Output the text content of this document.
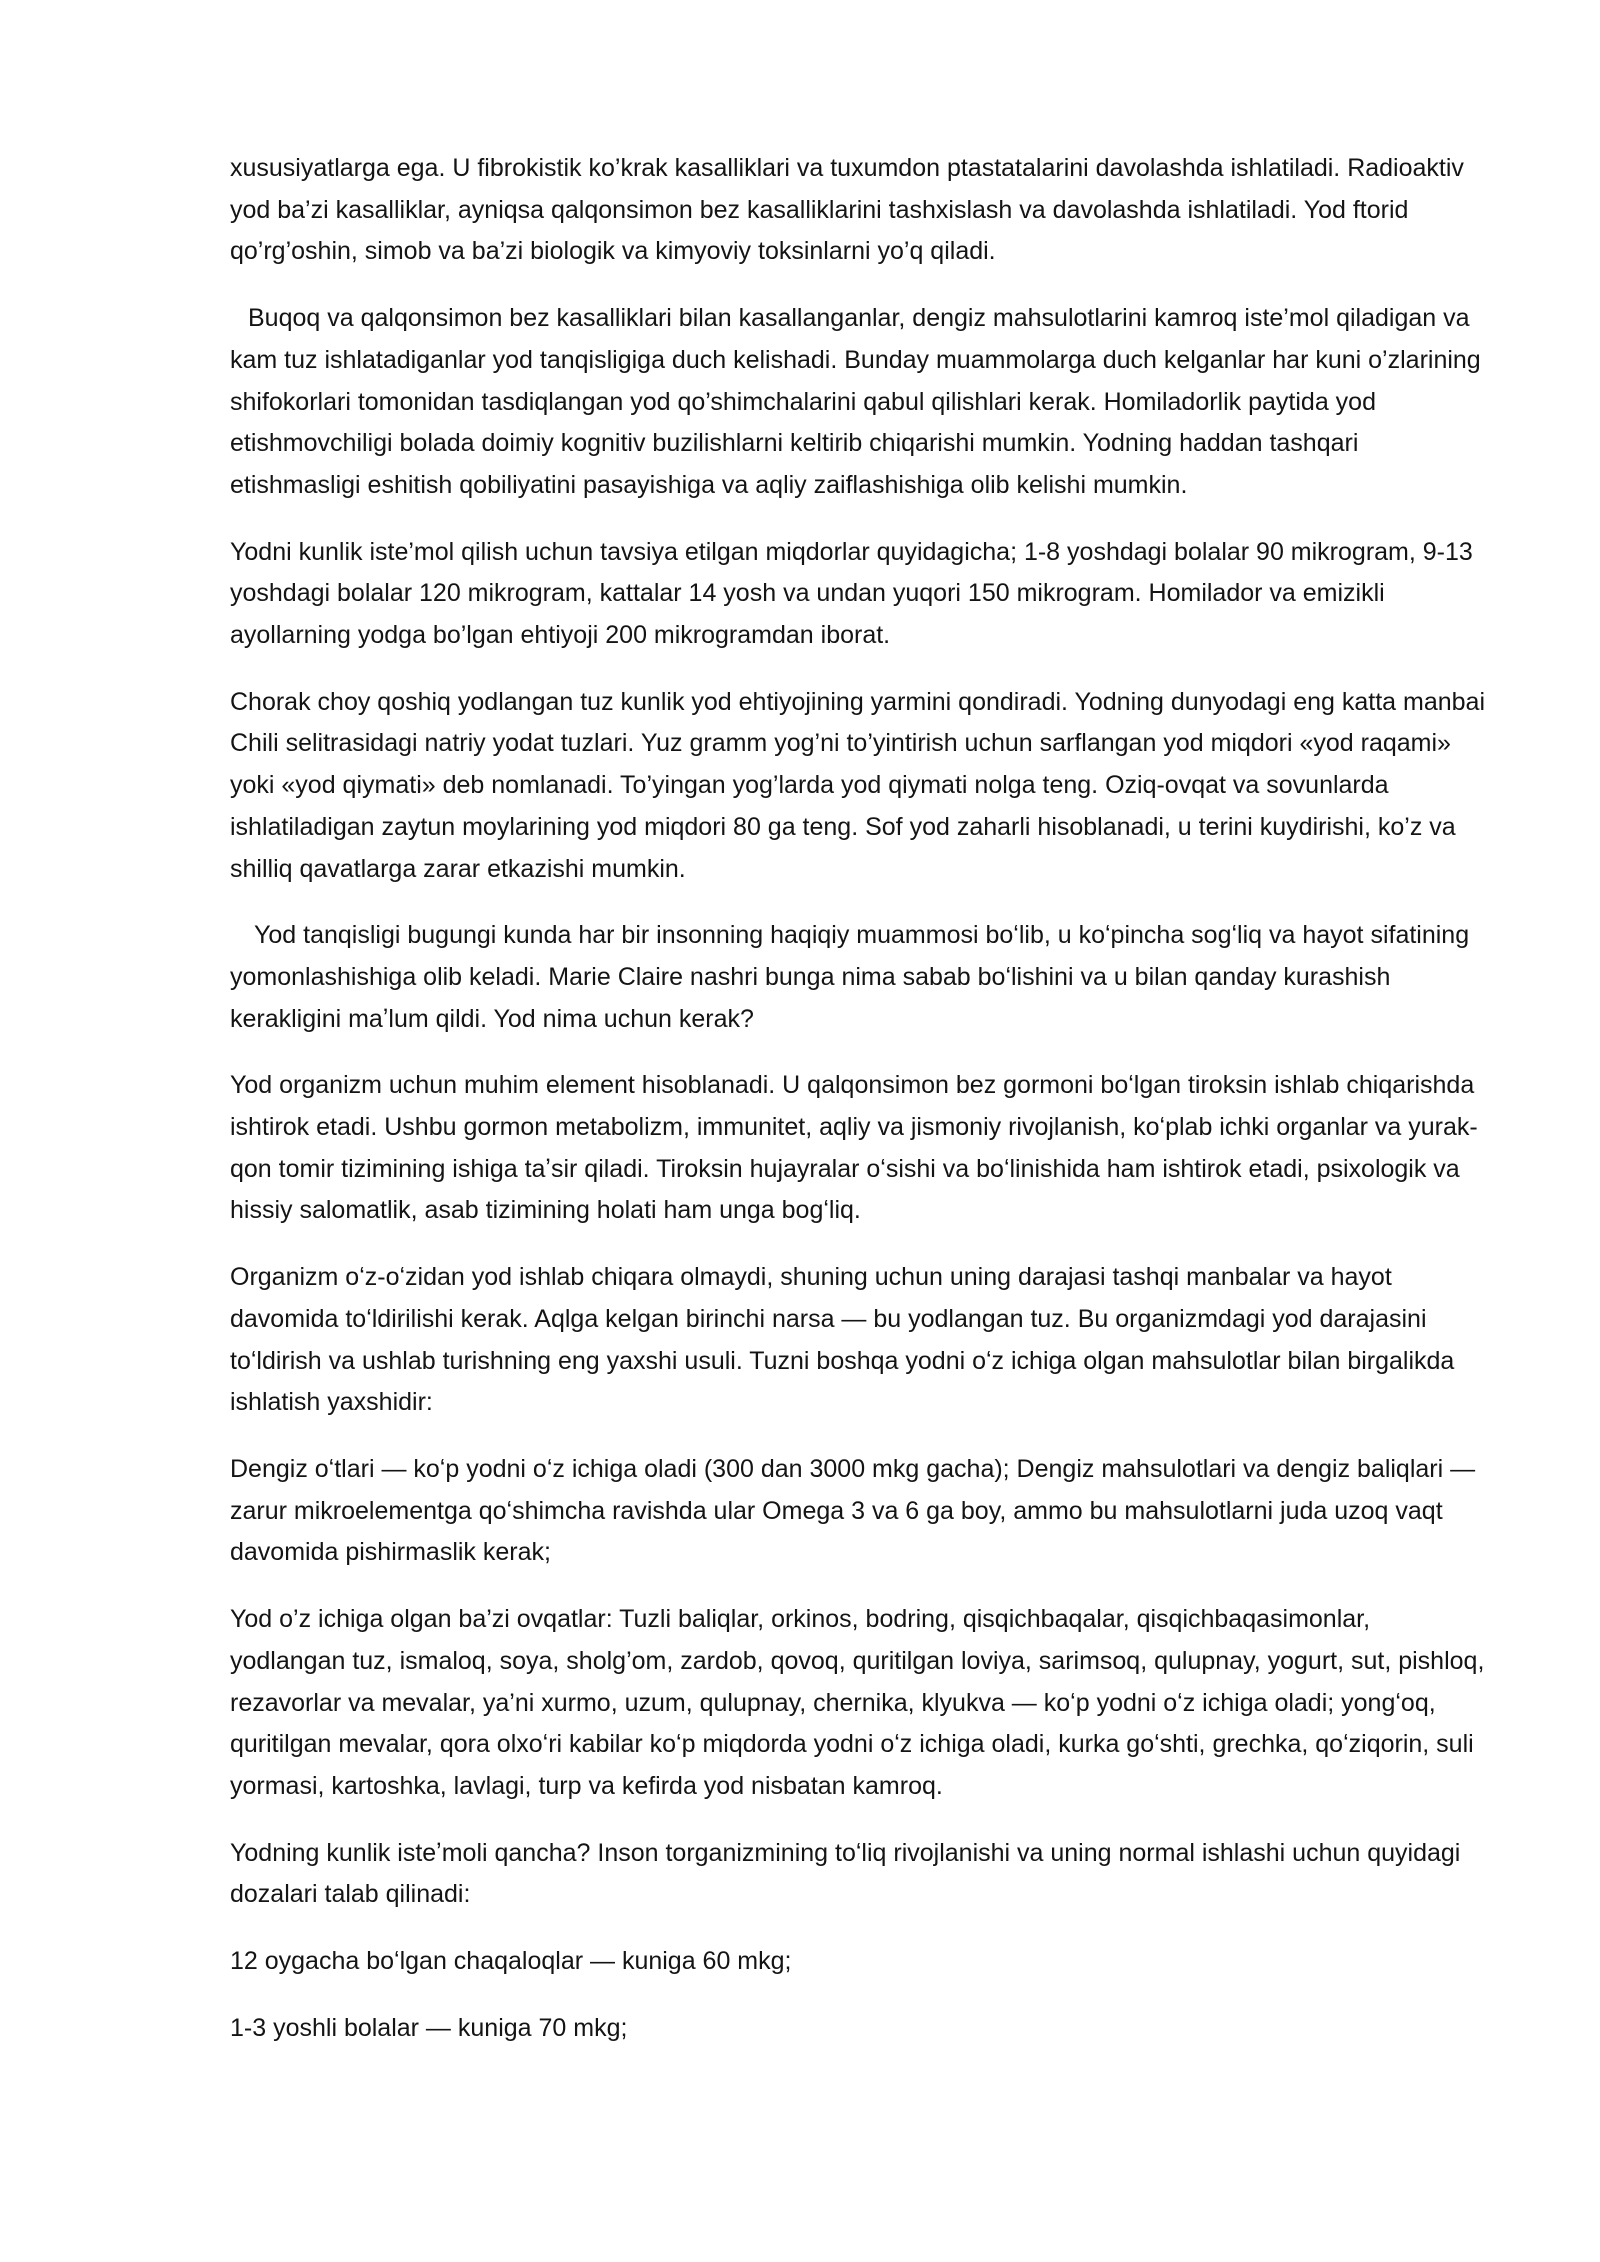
xususiyatlarga ega. U fibrokistik ko’krak kasalliklari va tuxumdon ptastatalarini davolashda ishlatiladi. Radioaktiv yod ba’zi kasalliklar, ayniqsa qalqonsimon bez kasalliklarini tashxislash va davolashda ishlatiladi. Yod ftorid qo’rg’oshin, simob va ba’zi biologik va kimyoviy toksinlarni yo’q qiladi.

Buqoq va qalqonsimon bez kasalliklari bilan kasallanganlar, dengiz mahsulotlarini kamroq iste’mol qiladigan va kam tuz ishlatadiganlar yod tanqisligiga duch kelishadi. Bunday muammolarga duch kelganlar har kuni o’zlarining shifokorlari tomonidan tasdiqlangan yod qo’shimchalarini qabul qilishlari kerak. Homiladorlik paytida yod etishmovchiligi bolada doimiy kognitiv buzilishlarni keltirib chiqarishi mumkin. Yodning haddan tashqari etishmasligi eshitish qobiliyatini pasayishiga va aqliy zaiflashishiga olib kelishi mumkin.

Yodni kunlik iste’mol qilish uchun tavsiya etilgan miqdorlar quyidagicha; 1-8 yoshdagi bolalar 90 mikrogram, 9-13 yoshdagi bolalar 120 mikrogram, kattalar 14 yosh va undan yuqori 150 mikrogram. Homilador va emizikli ayollarning yodga bo’lgan ehtiyoji 200 mikrogramdan iborat.

Chorak choy qoshiq yodlangan tuz kunlik yod ehtiyojining yarmini qondiradi. Yodning dunyodagi eng katta manbai Chili selitrasidagi natriy yodat tuzlari. Yuz gramm yog’ni to’yintirish uchun sarflangan yod miqdori «yod raqami» yoki «yod qiymati» deb nomlanadi. To’yingan yog’larda yod qiymati nolga teng. Oziq-ovqat va sovunlarda ishlatiladigan zaytun moylarining yod miqdori 80 ga teng. Sof yod zaharli hisoblanadi, u terini kuydirishi, ko’z va shilliq qavatlarga zarar etkazishi mumkin.

Yod tanqisligi bugungi kunda har bir insonning haqiqiy muammosi boʻlib, u koʻpincha sogʻliq va hayot sifatining yomonlashishiga olib keladi. Marie Claire nashri bunga nima sabab boʻlishini va u bilan qanday kurashish kerakligini maʼlum qildi. Yod nima uchun kerak?

Yod organizm uchun muhim element hisoblanadi. U qalqonsimon bez gormoni boʻlgan tiroksin ishlab chiqarishda ishtirok etadi. Ushbu gormon metabolizm, immunitet, aqliy va jismoniy rivojlanish, koʻplab ichki organlar va yurak-qon tomir tizimining ishiga taʼsir qiladi. Tiroksin hujayralar oʻsishi va boʻlinishida ham ishtirok etadi, psixologik va hissiy salomatlik, asab tizimining holati ham unga bogʻliq.

Organizm oʻz-oʻzidan yod ishlab chiqara olmaydi, shuning uchun uning darajasi tashqi manbalar va hayot davomida toʻldirilishi kerak. Aqlga kelgan birinchi narsa — bu yodlangan tuz. Bu organizmdagi yod darajasini toʻldirish va ushlab turishning eng yaxshi usuli. Tuzni boshqa yodni oʻz ichiga olgan mahsulotlar bilan birgalikda ishlatish yaxshidir:

Dengiz oʻtlari — koʻp yodni oʻz ichiga oladi (300 dan 3000 mkg gacha); Dengiz mahsulotlari va dengiz baliqlari — zarur mikroelementga qoʻshimcha ravishda ular Omega 3 va 6 ga boy, ammo bu mahsulotlarni juda uzoq vaqt davomida pishirmaslik kerak;

Yod o’z ichiga olgan ba’zi ovqatlar: Tuzli baliqlar, orkinos, bodring, qisqichbaqalar, qisqichbaqasimonlar, yodlangan tuz, ismaloq, soya, sholg’om, zardob, qovoq, quritilgan loviya, sarimsoq, qulupnay, yogurt, sut, pishloq, rezavorlar va mevalar, ya’ni xurmo, uzum, qulupnay, chernika, klyukva — koʻp yodni oʻz ichiga oladi; yongʻoq, quritilgan mevalar, qora olxoʻri kabilar koʻp miqdorda yodni oʻz ichiga oladi, kurka goʻshti, grechka, qoʻziqorin, suli yormasi, kartoshka, lavlagi, turp va kefirda yod nisbatan kamroq.

Yodning kunlik isteʼmoli qancha? Inson torganizmining toʻliq rivojlanishi va uning normal ishlashi uchun quyidagi dozalari talab qilinadi:

12 oygacha boʻlgan chaqaloqlar — kuniga 60 mkg;

1-3 yoshli bolalar — kuniga 70 mkg;
